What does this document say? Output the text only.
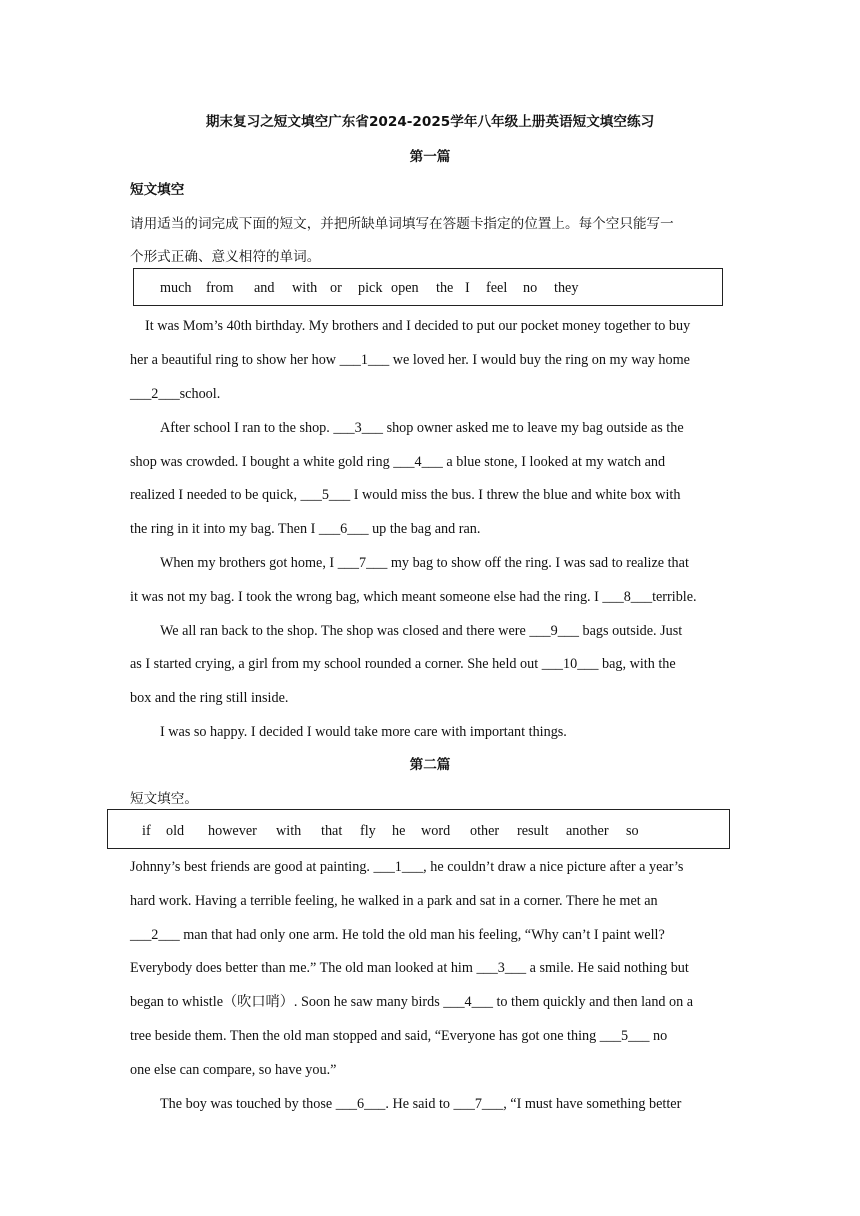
期末复习之短文填空广东省2024-2025学年八年级上册英语短文填空练习
第一篇
短文填空
请用适当的词完成下面的短文，并把所缺单词填写在答题卡指定的位置上。每个空只能写一
个形式正确、意义相符的单词。
much from and with or pick open the I feel no they
It was Mom’s 40th birthday. My brothers and I decided to put our pocket money together to buy
her a beautiful ring to show her how ___1___ we loved her. I would buy the ring on my way home
___2___school.
After school I ran to the shop. ___3___ shop owner asked me to leave my bag outside as the
shop was crowded. I bought a white gold ring ___4___ a blue stone, I looked at my watch and
realized I needed to be quick, ___5___ I would miss the bus. I threw the blue and white box with
the ring in it into my bag. Then I ___6___ up the bag and ran.
When my brothers got home, I ___7___ my bag to show off the ring. I was sad to realize that
it was not my bag. I took the wrong bag, which meant someone else had the ring. I ___8___terrible.
We all ran back to the shop. The shop was closed and there were ___9___ bags outside. Just
as I started crying, a girl from my school rounded a corner. She held out ___10___ bag, with the
box and the ring still inside.
I was so happy. I decided I would take more care with important things.
第二篇
短文填空。
if old however with that fly he word other result another so
Johnny’s best friends are good at painting. ___1___, he couldn’t draw a nice picture after a year’s
hard work. Having a terrible feeling, he walked in a park and sat in a corner. There he met an
___2___ man that had only one arm. He told the old man his feeling, “Why can’t I paint well?
Everybody does better than me.” The old man looked at him ___3___ a smile. He said nothing but
began to whistle（吹口哨）. Soon he saw many birds ___4___ to them quickly and then land on a
tree beside them. Then the old man stopped and said, “Everyone has got one thing ___5___ no
one else can compare, so have you.”
The boy was touched by those ___6___. He said to ___7___, “I must have something better
